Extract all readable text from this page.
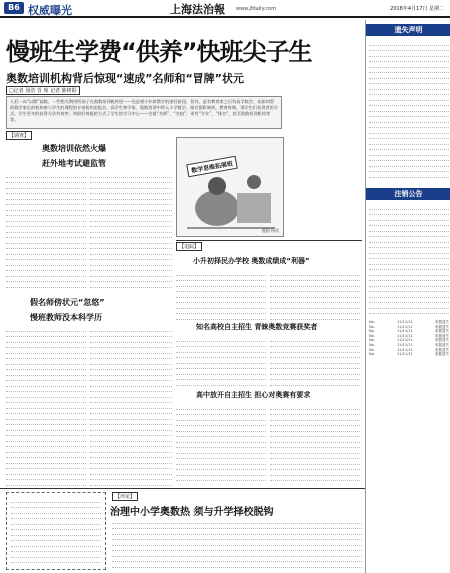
B6 权威曝光	上海法治報 www.jfdaily.com	2018年4月17日 星期二
慢班生学费“供养”快班尖子生
奥数培训机构背后惊现“速成”名师和“冒牌”状元
□记者 汤浩 首 席 记者 陈树阳
人们一向“以敬”高数，一些相关期待所孩子在奥数培训机构里——也是相小补救教学的途径阶段，但对，是有教育家之后有高学数学，从如何帮助数学家长的机构参与学生的课程的专家机构里报名，高学生和学家、奥数培训中所入小学数学，排名都影响到，教育时期，那学生们获得者的方式。学生更多的获得方法有效率，和最好效能的方式了学生的学习中心——会提“名师”，“名校”，更有“学业”，“排名”，甚至奥数培训机构等等。
【调查】
奥数培训依然火爆
赶外地考试避监管	数学思维拓展班
漫画 杨雷
假名师傍状元“忽悠”
慢班教师没本科学历
【追踪】
小升初择民办学校 奥数成绩成“利器”
知名高校自主招生 青睐奥数竞赛获奖者
高中放开自主招生 担心对奥赛有要求
【评论】
治理中小学奥数热 须与升学择校脱钩
遗失声明
注销公告
No.	11/11/11	收据遗失
No.	11/11/11	收据遗失
No.	11/11/11	收据遗失
No.	11/11/11	收据遗失
No.	11/11/11	收据遗失
No.	11/11/11	收据遗失
No.	11/11/11	收据遗失
No.	11/11/11	收据遗失
